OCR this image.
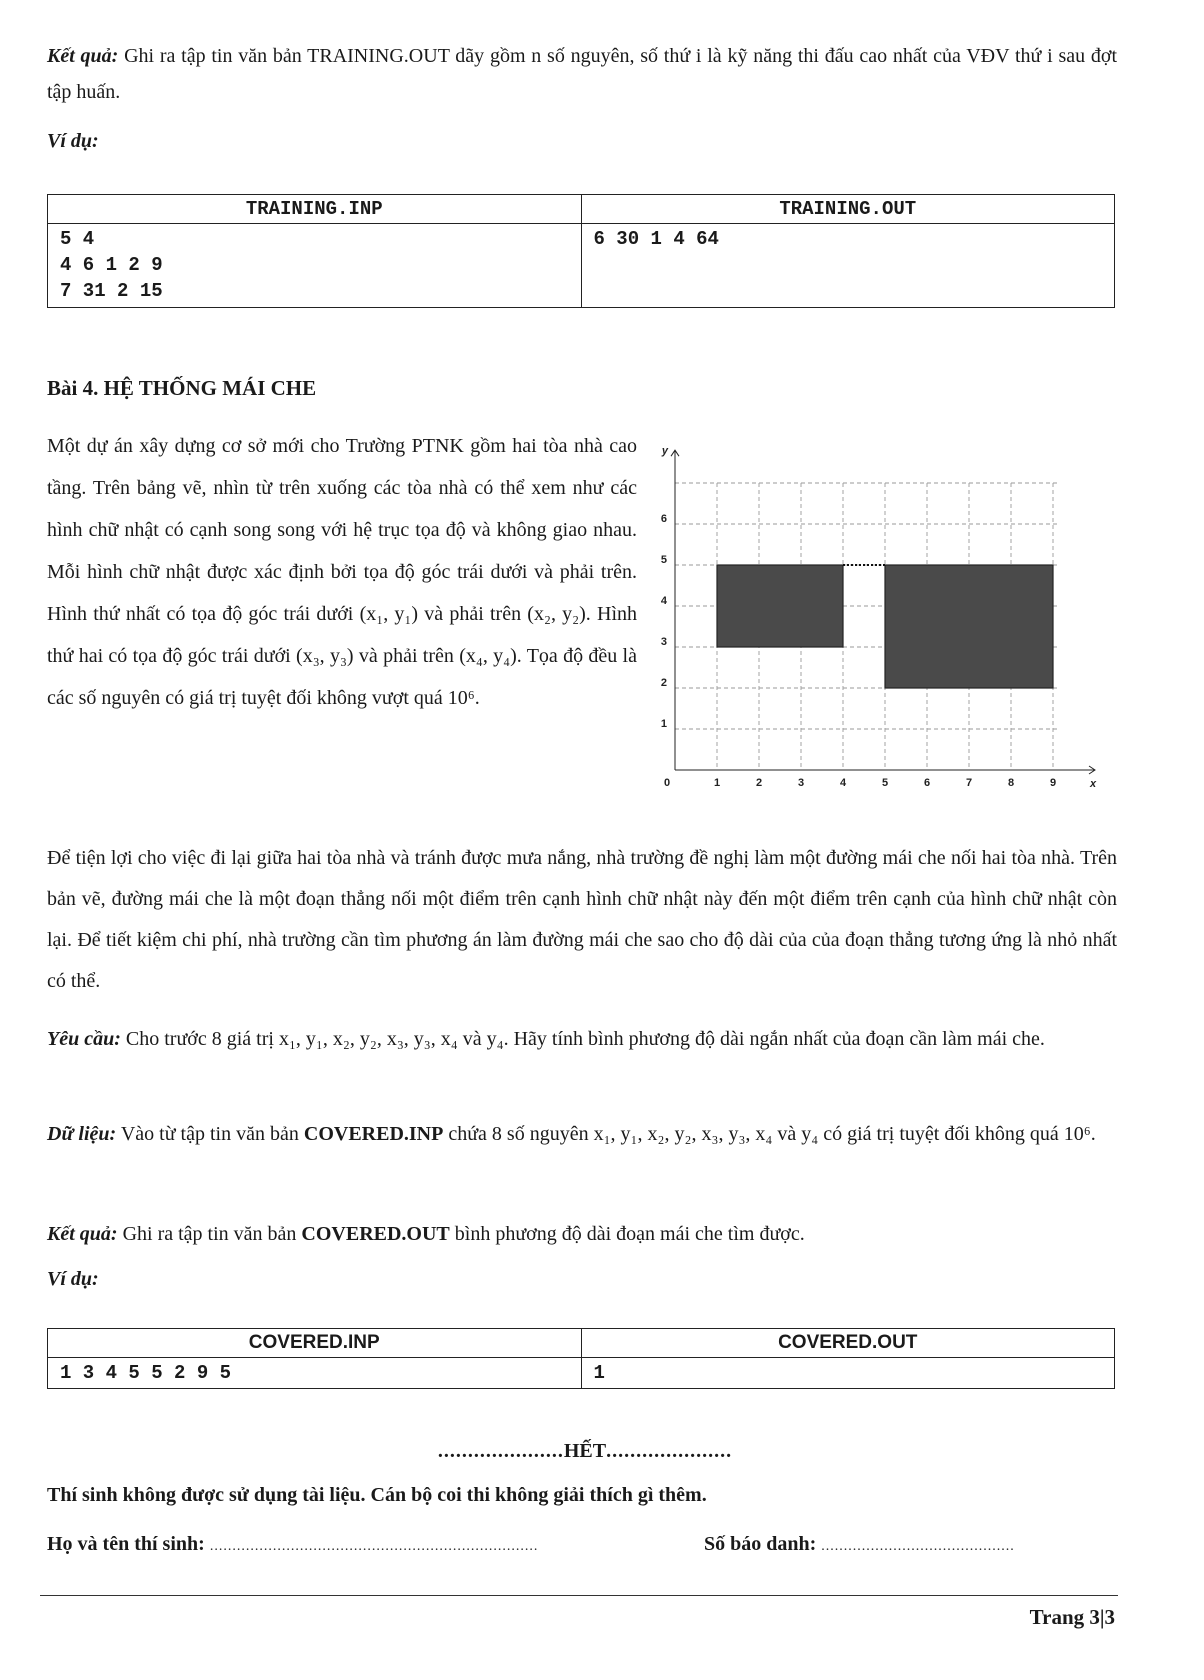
Kết quả: Ghi ra tập tin văn bản TRAINING.OUT dãy gồm n số nguyên, số thứ i là kỹ năng thi đấu cao nhất của VĐV thứ i sau đợt tập huấn.
Ví dụ:
TRAINING.INP	TRAINING.OUT

5 4
4 6 1 2 9
7 31 2 15	6 30 1 4 64
Bài 4. HỆ THỐNG MÁI CHE
Một dự án xây dựng cơ sở mới cho Trường PTNK gồm hai tòa nhà cao tầng. Trên bảng vẽ, nhìn từ trên xuống các tòa nhà có thể xem như các hình chữ nhật có cạnh song song với hệ trục tọa độ và không giao nhau. Mỗi hình chữ nhật được xác định bởi tọa độ góc trái dưới và phải trên. Hình thứ nhất có tọa độ góc trái dưới (x₁, y₁) và phải trên (x₂, y₂). Hình thứ hai có tọa độ góc trái dưới (x₃, y₃) và phải trên (x₄, y₄). Tọa độ đều là các số nguyên có giá trị tuyệt đối không vượt quá 10⁶.
0	1	2	3	4	5	6	7	8	9
1
2
3
4
5
6
x
y
Để tiện lợi cho việc đi lại giữa hai tòa nhà và tránh được mưa nắng, nhà trường đề nghị làm một đường mái che nối hai tòa nhà. Trên bản vẽ, đường mái che là một đoạn thẳng nối một điểm trên cạnh hình chữ nhật này đến một điểm trên cạnh của hình chữ nhật còn lại. Để tiết kiệm chi phí, nhà trường cần tìm phương án làm đường mái che sao cho độ dài của của đoạn thẳng tương ứng là nhỏ nhất có thể.
Yêu cầu: Cho trước 8 giá trị x₁, y₁, x₂, y₂, x₃, y₃, x₄ và y₄. Hãy tính bình phương độ dài ngắn nhất của đoạn cần làm mái che.
Dữ liệu: Vào từ tập tin văn bản COVERED.INP chứa 8 số nguyên x₁, y₁, x₂, y₂, x₃, y₃, x₄ và y₄ có giá trị tuyệt đối không quá 10⁶.
Kết quả: Ghi ra tập tin văn bản COVERED.OUT bình phương độ dài đoạn mái che tìm được.
Ví dụ:
COVERED.INP	COVERED.OUT

1 3 4 5 5 2 9 5	1
.....................HẾT.....................
Thí sinh không được sử dụng tài liệu. Cán bộ coi thi không giải thích gì thêm.
Họ và tên thí sinh: .........................................................................	Số báo danh: ...........................................
Trang 3|3
